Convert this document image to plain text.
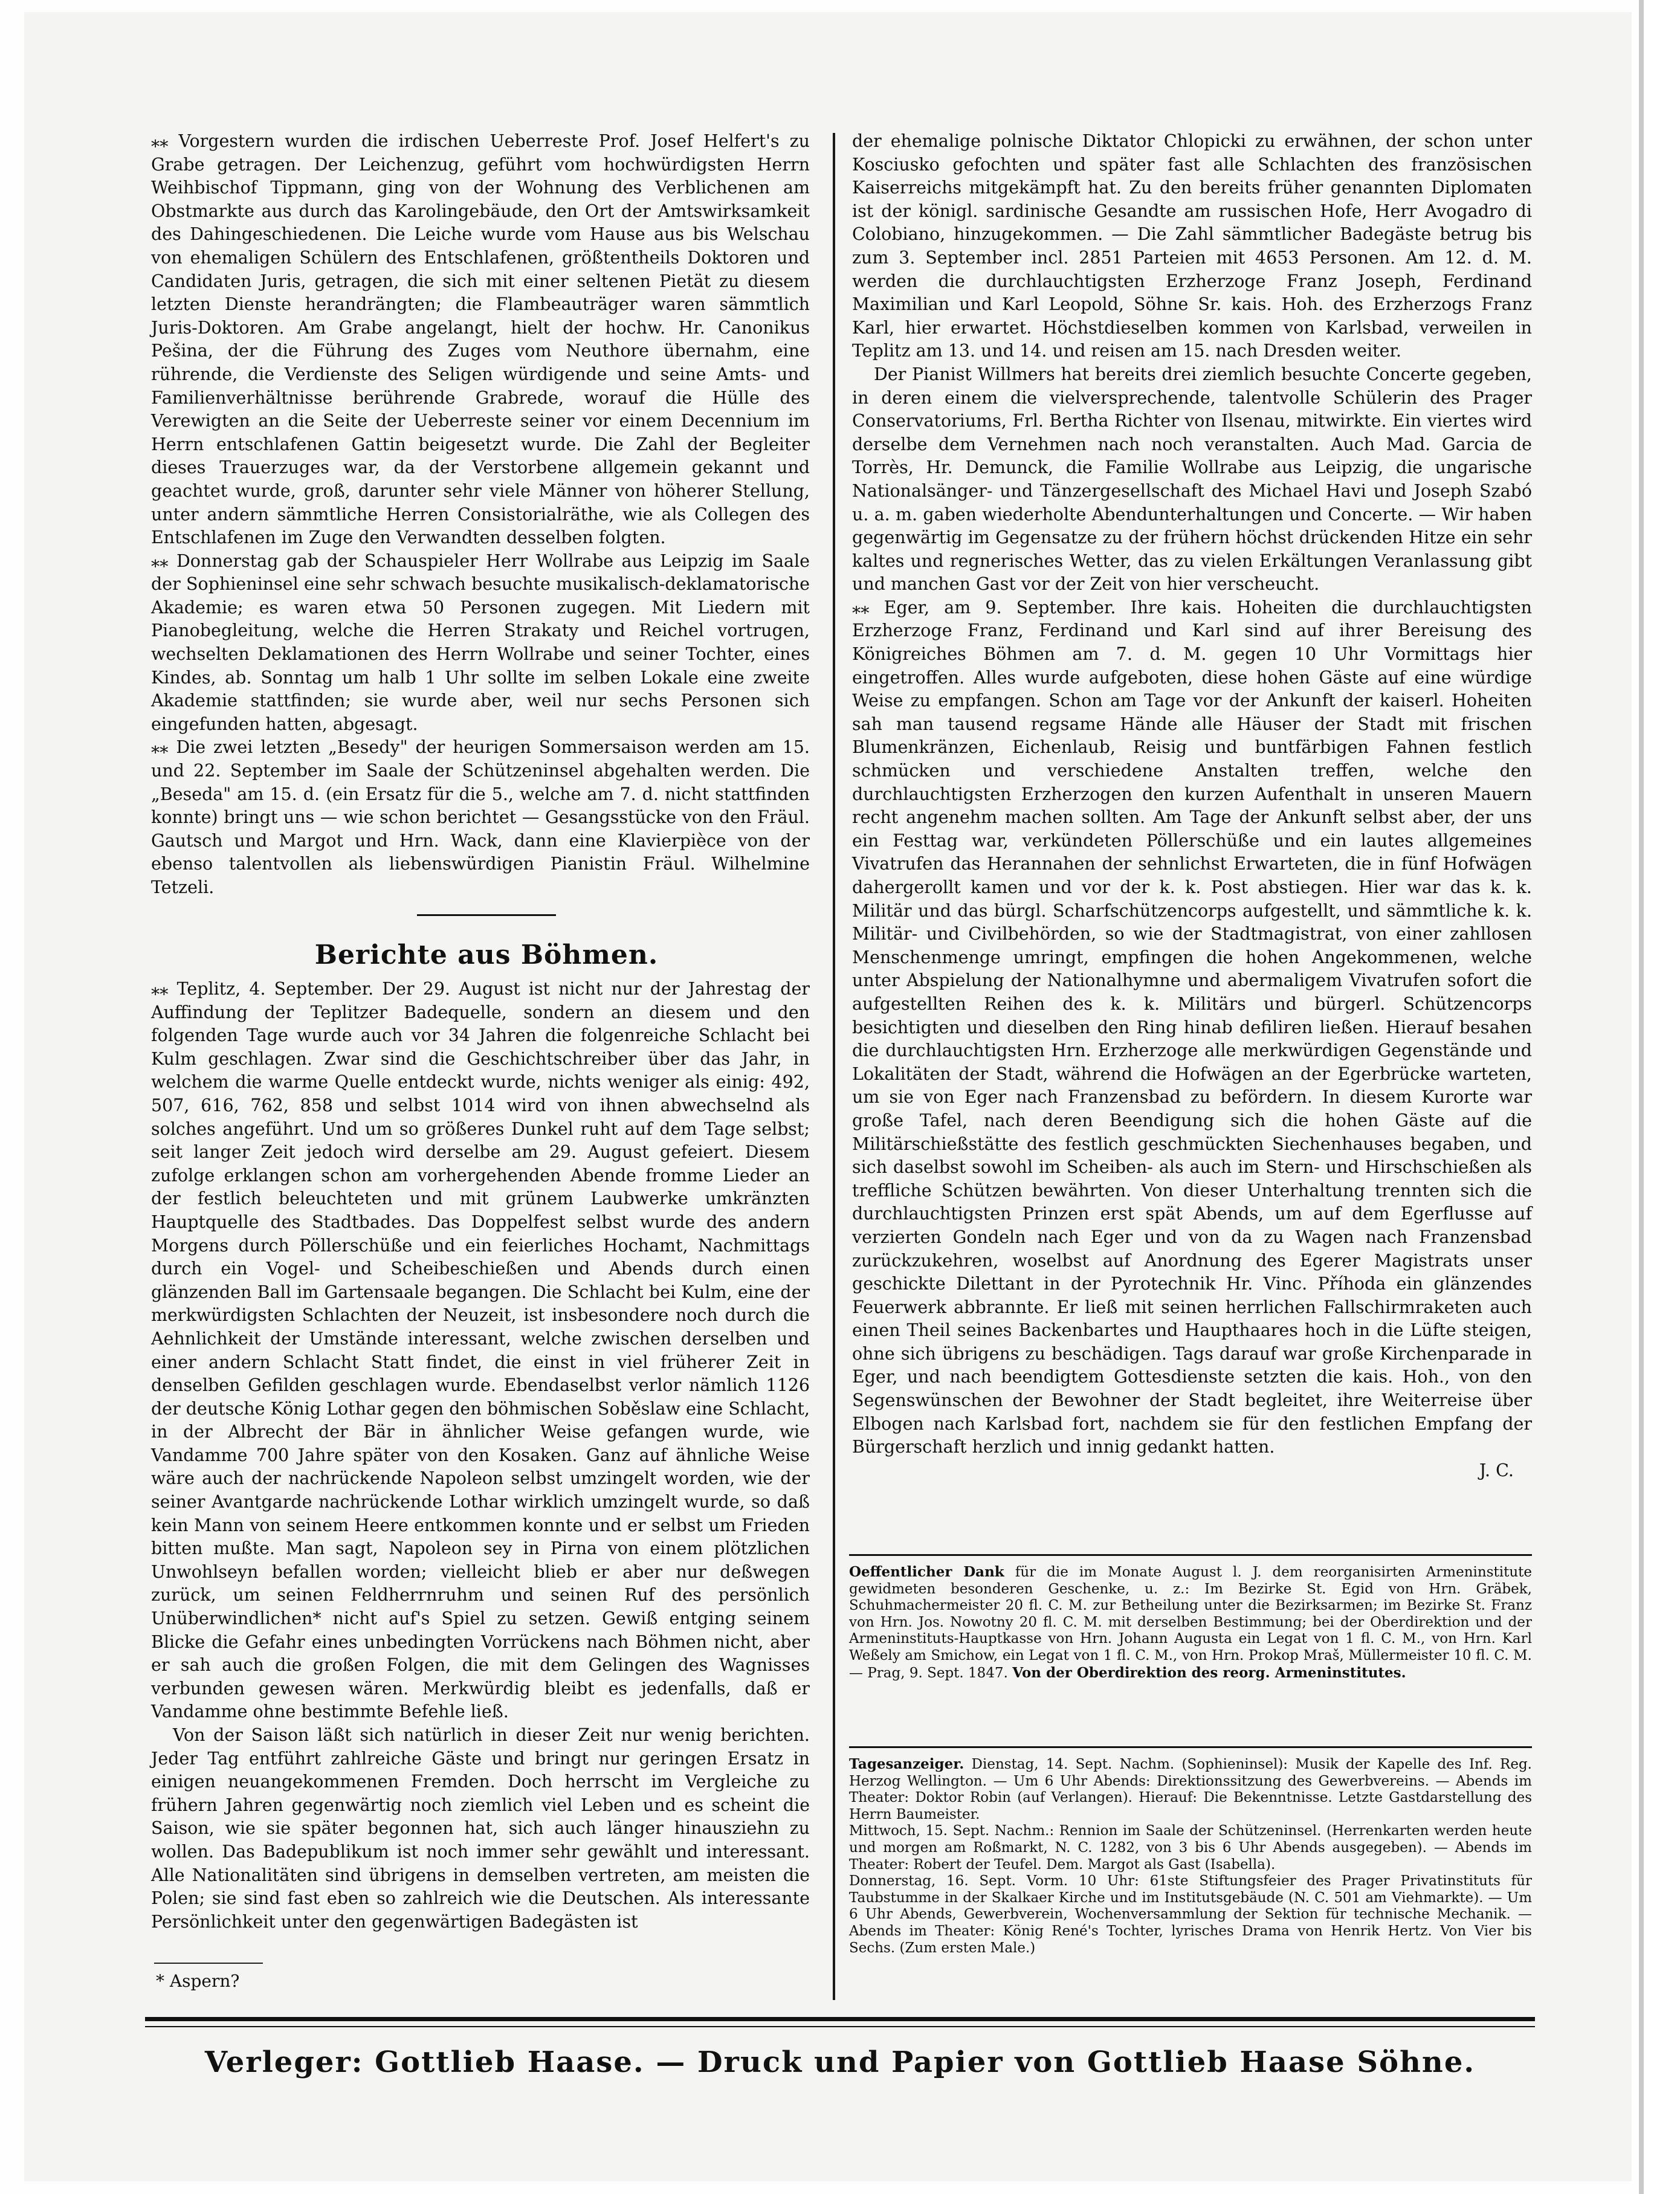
⁎⁎ Vorgestern wurden die irdischen Ueberreste Prof. Josef Helfert's zu Grabe getragen. Der Leichenzug, geführt vom hochwürdigsten Herrn Weihbischof Tippmann, ging von der Wohnung des Verblichenen am Obstmarkte aus durch das Karolingebäude, den Ort der Amtswirksamkeit des Dahingeschiedenen. Die Leiche wurde vom Hause aus bis Welschau von ehemaligen Schülern des Entschlafenen, größtentheils Doktoren und Candidaten Juris, getragen, die sich mit einer seltenen Pietät zu diesem letzten Dienste herandrängten; die Flambeauträger waren sämmtlich Juris-Doktoren. Am Grabe angelangt, hielt der hochw. Hr. Canonikus Pešina, der die Führung des Zuges vom Neuthore übernahm, eine rührende, die Verdienste des Seligen würdigende und seine Amts- und Familienverhältnisse berührende Grabrede, worauf die Hülle des Verewigten an die Seite der Ueberreste seiner vor einem Decennium im Herrn entschlafenen Gattin beigesetzt wurde. Die Zahl der Begleiter dieses Trauerzuges war, da der Verstorbene allgemein gekannt und geachtet wurde, groß, darunter sehr viele Männer von höherer Stellung, unter andern sämmtliche Herren Consistorialräthe, wie als Collegen des Entschlafenen im Zuge den Verwandten desselben folgten.

⁎⁎ Donnerstag gab der Schauspieler Herr Wollrabe aus Leipzig im Saale der Sophieninsel eine sehr schwach besuchte musikalisch-deklamatorische Akademie; es waren etwa 50 Personen zugegen. Mit Liedern mit Pianobegleitung, welche die Herren Strakaty und Reichel vortrugen, wechselten Deklamationen des Herrn Wollrabe und seiner Tochter, eines Kindes, ab. Sonntag um halb 1 Uhr sollte im selben Lokale eine zweite Akademie stattfinden; sie wurde aber, weil nur sechs Personen sich eingefunden hatten, abgesagt.

⁎⁎ Die zwei letzten „Besedy" der heurigen Sommersaison werden am 15. und 22. September im Saale der Schützeninsel abgehalten werden. Die „Beseda" am 15. d. (ein Ersatz für die 5., welche am 7. d. nicht stattfinden konnte) bringt uns — wie schon berichtet — Gesangsstücke von den Fräul. Gautsch und Margot und Hrn. Wack, dann eine Klavierpièce von der ebenso talentvollen als liebenswürdigen Pianistin Fräul. Wilhelmine Tetzeli.

Berichte aus Böhmen.

⁎⁎ Teplitz, 4. September. Der 29. August ist nicht nur der Jahrestag der Auffindung der Teplitzer Badequelle, sondern an diesem und den folgenden Tage wurde auch vor 34 Jahren die folgenreiche Schlacht bei Kulm geschlagen. Zwar sind die Geschichtschreiber über das Jahr, in welchem die warme Quelle entdeckt wurde, nichts weniger als einig: 492, 507, 616, 762, 858 und selbst 1014 wird von ihnen abwechselnd als solches angeführt. Und um so größeres Dunkel ruht auf dem Tage selbst; seit langer Zeit jedoch wird derselbe am 29. August gefeiert. Diesem zufolge erklangen schon am vorhergehenden Abende fromme Lieder an der festlich beleuchteten und mit grünem Laubwerke umkränzten Hauptquelle des Stadtbades. Das Doppelfest selbst wurde des andern Morgens durch Pöllerschüße und ein feierliches Hochamt, Nachmittags durch ein Vogel- und Scheibeschießen und Abends durch einen glänzenden Ball im Gartensaale begangen. Die Schlacht bei Kulm, eine der merkwürdigsten Schlachten der Neuzeit, ist insbesondere noch durch die Aehnlichkeit der Umstände interessant, welche zwischen derselben und einer andern Schlacht Statt findet, die einst in viel früherer Zeit in denselben Gefilden geschlagen wurde. Ebendaselbst verlor nämlich 1126 der deutsche König Lothar gegen den böhmischen Soběslaw eine Schlacht, in der Albrecht der Bär in ähnlicher Weise gefangen wurde, wie Vandamme 700 Jahre später von den Kosaken. Ganz auf ähnliche Weise wäre auch der nachrückende Napoleon selbst umzingelt worden, wie der seiner Avantgarde nachrückende Lothar wirklich umzingelt wurde, so daß kein Mann von seinem Heere entkommen konnte und er selbst um Frieden bitten mußte. Man sagt, Napoleon sey in Pirna von einem plötzlichen Unwohlseyn befallen worden; vielleicht blieb er aber nur deßwegen zurück, um seinen Feldherrnruhm und seinen Ruf des persönlich Unüberwindlichen* nicht auf's Spiel zu setzen. Gewiß entging seinem Blicke die Gefahr eines unbedingten Vorrückens nach Böhmen nicht, aber er sah auch die großen Folgen, die mit dem Gelingen des Wagnisses verbunden gewesen wären. Merkwürdig bleibt es jedenfalls, daß er Vandamme ohne bestimmte Befehle ließ.

Von der Saison läßt sich natürlich in dieser Zeit nur wenig berichten. Jeder Tag entführt zahlreiche Gäste und bringt nur geringen Ersatz in einigen neuangekommenen Fremden. Doch herrscht im Vergleiche zu frühern Jahren gegenwärtig noch ziemlich viel Leben und es scheint die Saison, wie sie später begonnen hat, sich auch länger hinausziehn zu wollen. Das Badepublikum ist noch immer sehr gewählt und interessant. Alle Nationalitäten sind übrigens in demselben vertreten, am meisten die Polen; sie sind fast eben so zahlreich wie die Deutschen. Als interessante Persönlichkeit unter den gegenwärtigen Badegästen ist

* Aspern?

der ehemalige polnische Diktator Chlopicki zu erwähnen, der schon unter Kosciusko gefochten und später fast alle Schlachten des französischen Kaiserreichs mitgekämpft hat. Zu den bereits früher genannten Diplomaten ist der königl. sardinische Gesandte am russischen Hofe, Herr Avogadro di Colobiano, hinzugekommen. — Die Zahl sämmtlicher Badegäste betrug bis zum 3. September incl. 2851 Parteien mit 4653 Personen. Am 12. d. M. werden die durchlauchtigsten Erzherzoge Franz Joseph, Ferdinand Maximilian und Karl Leopold, Söhne Sr. kais. Hoh. des Erzherzogs Franz Karl, hier erwartet. Höchstdieselben kommen von Karlsbad, verweilen in Teplitz am 13. und 14. und reisen am 15. nach Dresden weiter.

Der Pianist Willmers hat bereits drei ziemlich besuchte Concerte gegeben, in deren einem die vielversprechende, talentvolle Schülerin des Prager Conservatoriums, Frl. Bertha Richter von Ilsenau, mitwirkte. Ein viertes wird derselbe dem Vernehmen nach noch veranstalten. Auch Mad. Garcia de Torrès, Hr. Demunck, die Familie Wollrabe aus Leipzig, die ungarische Nationalsänger- und Tänzergesellschaft des Michael Havi und Joseph Szabó u. a. m. gaben wiederholte Abendunterhaltungen und Concerte. — Wir haben gegenwärtig im Gegensatze zu der frühern höchst drückenden Hitze ein sehr kaltes und regnerisches Wetter, das zu vielen Erkältungen Veranlassung gibt und manchen Gast vor der Zeit von hier verscheucht.

⁎⁎ Eger, am 9. September. Ihre kais. Hoheiten die durchlauchtigsten Erzherzoge Franz, Ferdinand und Karl sind auf ihrer Bereisung des Königreiches Böhmen am 7. d. M. gegen 10 Uhr Vormittags hier eingetroffen. Alles wurde aufgeboten, diese hohen Gäste auf eine würdige Weise zu empfangen. Schon am Tage vor der Ankunft der kaiserl. Hoheiten sah man tausend regsame Hände alle Häuser der Stadt mit frischen Blumenkränzen, Eichenlaub, Reisig und buntfärbigen Fahnen festlich schmücken und verschiedene Anstalten treffen, welche den durchlauchtigsten Erzherzogen den kurzen Aufenthalt in unseren Mauern recht angenehm machen sollten. Am Tage der Ankunft selbst aber, der uns ein Festtag war, verkündeten Pöllerschüße und ein lautes allgemeines Vivatrufen das Herannahen der sehnlichst Erwarteten, die in fünf Hofwägen dahergerollt kamen und vor der k. k. Post abstiegen. Hier war das k. k. Militär und das bürgl. Scharfschützencorps aufgestellt, und sämmtliche k. k. Militär- und Civilbehörden, so wie der Stadtmagistrat, von einer zahllosen Menschenmenge umringt, empfingen die hohen Angekommenen, welche unter Abspielung der Nationalhymne und abermaligem Vivatrufen sofort die aufgestellten Reihen des k. k. Militärs und bürgerl. Schützencorps besichtigten und dieselben den Ring hinab defiliren ließen. Hierauf besahen die durchlauchtigsten Hrn. Erzherzoge alle merkwürdigen Gegenstände und Lokalitäten der Stadt, während die Hofwägen an der Egerbrücke warteten, um sie von Eger nach Franzensbad zu befördern. In diesem Kurorte war große Tafel, nach deren Beendigung sich die hohen Gäste auf die Militärschießstätte des festlich geschmückten Siechenhauses begaben, und sich daselbst sowohl im Scheiben- als auch im Stern- und Hirschschießen als treffliche Schützen bewährten. Von dieser Unterhaltung trennten sich die durchlauchtigsten Prinzen erst spät Abends, um auf dem Egerflusse auf verzierten Gondeln nach Eger und von da zu Wagen nach Franzensbad zurückzukehren, woselbst auf Anordnung des Egerer Magistrats unser geschickte Dilettant in der Pyrotechnik Hr. Vinc. Příhoda ein glänzendes Feuerwerk abbrannte. Er ließ mit seinen herrlichen Fallschirmraketen auch einen Theil seines Backenbartes und Haupthaares hoch in die Lüfte steigen, ohne sich übrigens zu beschädigen. Tags darauf war große Kirchenparade in Eger, und nach beendigtem Gottesdienste setzten die kais. Hoh., von den Segenswünschen der Bewohner der Stadt begleitet, ihre Weiterreise über Elbogen nach Karlsbad fort, nachdem sie für den festlichen Empfang der Bürgerschaft herzlich und innig gedankt hatten.

J. C.

Oeffentlicher Dank für die im Monate August l. J. dem reorganisirten Armeninstitute gewidmeten besonderen Geschenke, u. z.: Im Bezirke St. Egid von Hrn. Gräbek, Schuhmachermeister 20 fl. C. M. zur Betheilung unter die Bezirksarmen; im Bezirke St. Franz von Hrn. Jos. Nowotny 20 fl. C. M. mit derselben Bestimmung; bei der Oberdirektion und der Armeninstituts-Hauptkasse von Hrn. Johann Augusta ein Legat von 1 fl. C. M., von Hrn. Karl Weßely am Smichow, ein Legat von 1 fl. C. M., von Hrn. Prokop Mraš, Müllermeister 10 fl. C. M. — Prag, 9. Sept. 1847. Von der Oberdirektion des reorg. Armeninstitutes.

Tagesanzeiger. Dienstag, 14. Sept. Nachm. (Sophieninsel): Musik der Kapelle des Inf. Reg. Herzog Wellington. — Um 6 Uhr Abends: Direktionssitzung des Gewerbvereins. — Abends im Theater: Doktor Robin (auf Verlangen). Hierauf: Die Bekenntnisse. Letzte Gastdarstellung des Herrn Baumeister.

Mittwoch, 15. Sept. Nachm.: Rennion im Saale der Schützeninsel. (Herrenkarten werden heute und morgen am Roßmarkt, N. C. 1282, von 3 bis 6 Uhr Abends ausgegeben). — Abends im Theater: Robert der Teufel. Dem. Margot als Gast (Isabella).

Donnerstag, 16. Sept. Vorm. 10 Uhr: 61ste Stiftungsfeier des Prager Privatinstituts für Taubstumme in der Skalkaer Kirche und im Institutsgebäude (N. C. 501 am Viehmarkte). — Um 6 Uhr Abends, Gewerbverein, Wochenversammlung der Sektion für technische Mechanik. — Abends im Theater: König René's Tochter, lyrisches Drama von Henrik Hertz. Von Vier bis Sechs. (Zum ersten Male.)

Verleger: Gottlieb Haase. — Druck und Papier von Gottlieb Haase Söhne.
